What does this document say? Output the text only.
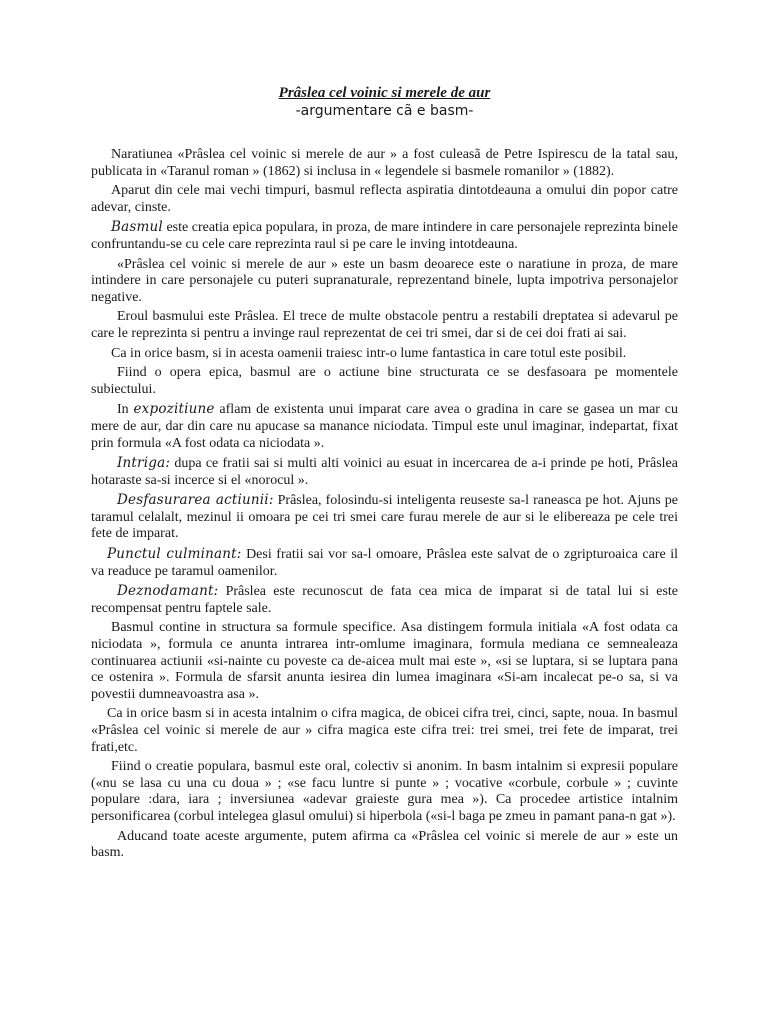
Prâslea cel voinic si merele de aur
-argumentare cã e basm-

Naratiunea «Prâslea cel voinic si merele de aur » a fost culeasã de Petre Ispirescu de la tatal sau, publicata in «Taranul roman » (1862) si inclusa in « legendele si basmele romanilor » (1882).

Aparut din cele mai vechi timpuri, basmul reflecta aspiratia dintotdeauna a omului din popor catre adevar, cinste.

Basmul este creatia epica populara, in proza, de mare intindere in care personajele reprezinta binele confruntandu-se cu cele care reprezinta raul si pe care le inving intotdeauna.

«Prâslea cel voinic si merele de aur » este un basm deoarece este o naratiune in proza, de mare intindere in care personajele cu puteri supranaturale, reprezentand binele, lupta impotriva personajelor negative.

Eroul basmului este Prâslea. El trece de multe obstacole pentru a restabili dreptatea si adevarul pe care le reprezinta si pentru a invinge raul reprezentat de cei tri smei, dar si de cei doi frati ai sai.

Ca in orice basm, si in acesta oamenii traiesc intr-o lume fantastica in care totul este posibil.

Fiind o opera epica, basmul are o actiune bine structurata ce se desfasoara pe momentele subiectului.

In expozitiune aflam de existenta unui imparat care avea o gradina in care se gasea un mar cu mere de aur, dar din care nu apucase sa manance niciodata. Timpul este unul imaginar, indepartat, fixat prin formula «A fost odata ca niciodata ».

Intriga: dupa ce fratii sai si multi alti voinici au esuat in incercarea de a-i prinde pe hoti, Prâslea hotaraste sa-si incerce si el «norocul ».

Desfasurarea actiunii: Prâslea, folosindu-si inteligenta reuseste sa-l raneasca pe hot. Ajuns pe taramul celalalt, mezinul ii omoara pe cei tri smei care furau merele de aur si le elibereaza pe cele trei fete de imparat.

Punctul culminant: Desi fratii sai vor sa-l omoare, Prâslea este salvat de o zgripturoaica care il va readuce pe taramul oamenilor.

Deznodamant: Prâslea este recunoscut de fata cea mica de imparat si de tatal lui si este recompensat pentru faptele sale.

Basmul contine in structura sa formule specifice. Asa distingem formula initiala «A fost odata ca niciodata », formula ce anunta intrarea intr-omlume imaginara, formula mediana ce semnealeaza continuarea actiunii «si-nainte cu poveste ca de-aicea mult mai este », «si se luptara, si se luptara pana ce ostenira ». Formula de sfarsit anunta iesirea din lumea imaginara «Si-am incalecat pe-o sa, si va povestii dumneavoastra asa ».

Ca in orice basm si in acesta intalnim o cifra magica, de obicei cifra trei, cinci, sapte, noua. In basmul «Prâslea cel voinic si merele de aur » cifra magica este cifra trei: trei smei, trei fete de imparat, trei frati,etc.

Fiind o creatie populara, basmul este oral, colectiv si anonim. In basm intalnim si expresii populare («nu se lasa cu una cu doua » ; «se facu luntre si punte » ; vocative «corbule, corbule » ; cuvinte populare :dara, iara ; inversiunea «adevar graieste gura mea »). Ca procedee artistice intalnim personificarea (corbul intelegea glasul omului) si hiperbola («si-l baga pe zmeu in pamant pana-n gat »).

Aducand toate aceste argumente, putem afirma ca «Prâslea cel voinic si merele de aur » este un basm.
